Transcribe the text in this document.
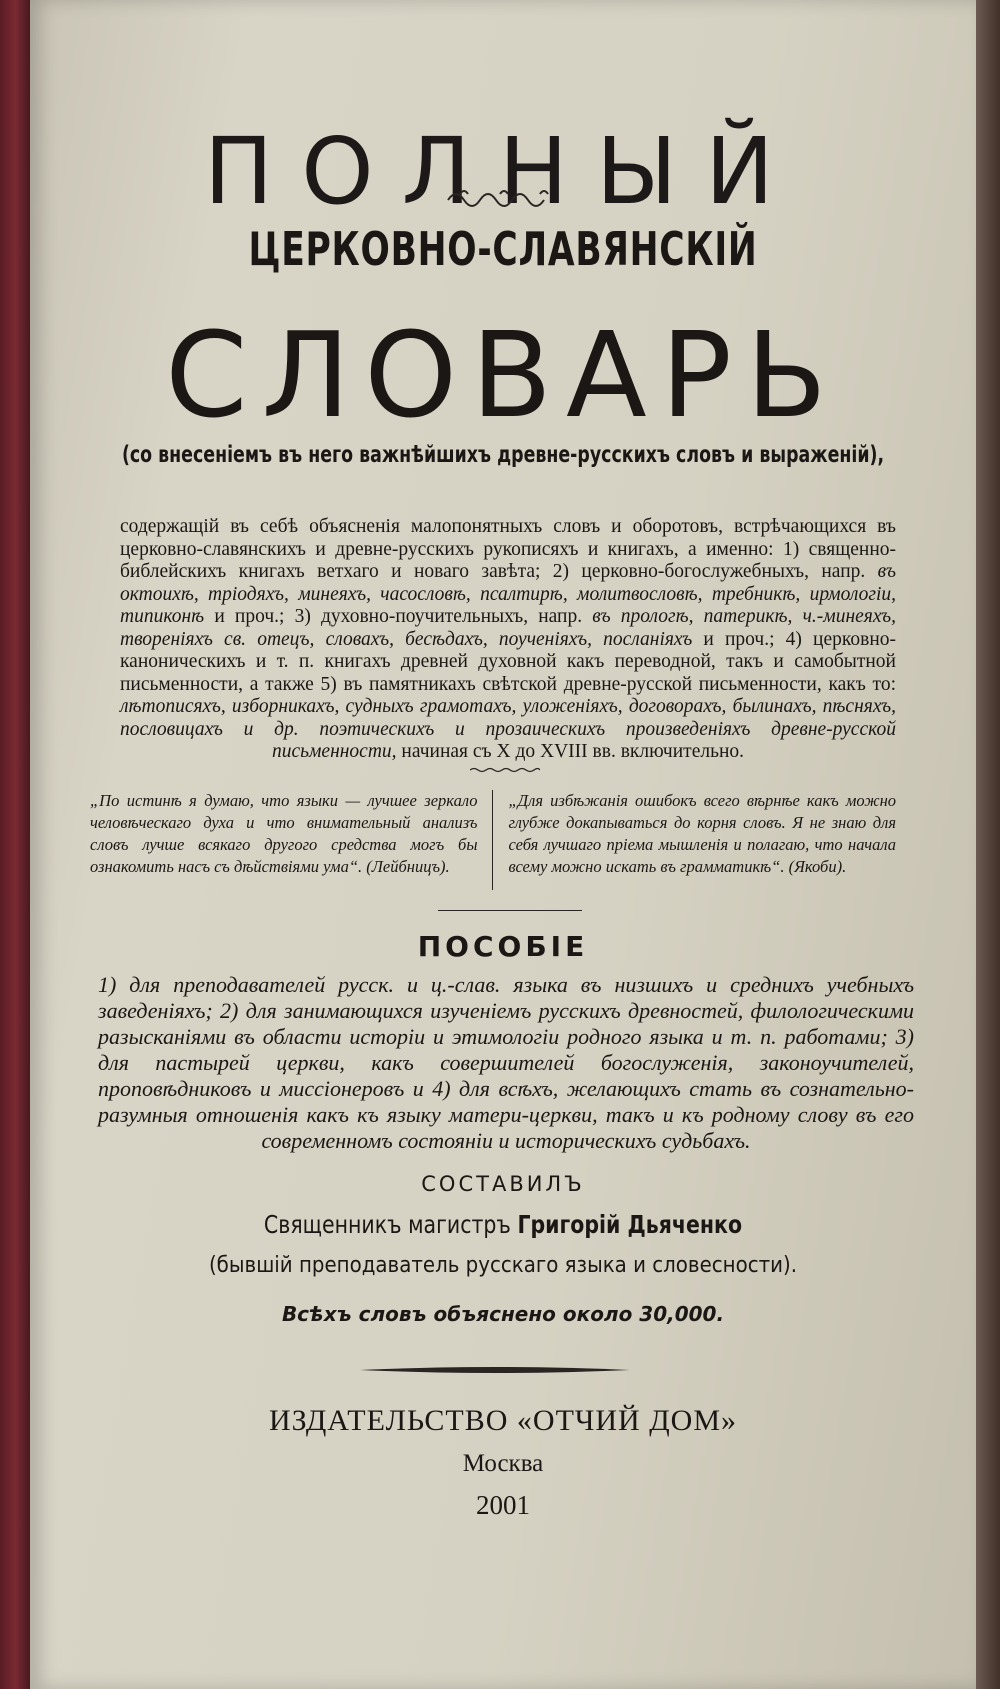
ПОЛНЫЙ
ЦЕРКОВНО-СЛАВЯНСКІЙ
СЛОВАРЬ
(со внесеніемъ въ него важнѣйшихъ древне-русскихъ словъ и выраженій),
содержащій въ себѣ объясненія малопонятныхъ словъ и оборотовъ, встрѣчающихся въ церковно-славянскихъ и древне-русскихъ рукописяхъ и книгахъ, а именно: 1) священно-библейскихъ книгахъ ветхаго и новаго завѣта; 2) церковно-богослужебныхъ, напр. въ октоихѣ, тріодяхъ, минеяхъ, часословѣ, псалтирѣ, молитвословѣ, требникѣ, ирмологіи, типиконѣ и проч.; 3) духовно-поучительныхъ, напр. въ прологѣ, патерикѣ, ч.-минеяхъ, твореніяхъ св. отецъ, словахъ, бесѣдахъ, поученіяхъ, посланіяхъ и проч.; 4) церковно-каноническихъ и т. п. книгахъ древней духовной какъ переводной, такъ и самобытной письменности, а также 5) въ памятникахъ свѣтской древне-русской письменности, какъ то: лѣтописяхъ, изборникахъ, судныхъ грамотахъ, уложеніяхъ, договорахъ, былинахъ, пѣсняхъ, пословицахъ и др. поэтическихъ и прозаическихъ произведеніяхъ древне-русской письменности, начиная съ X до XVIII вв. включительно.
„По истинѣ я думаю, что языки — лучшее зеркало человѣческаго духа и что внимательный анализъ словъ лучше всякаго другого средства могъ бы ознакомить насъ съ дѣйствіями ума“. (Лейбницъ).
„Для избѣжанія ошибокъ всего вѣрнѣе какъ можно глубже докапываться до корня словъ. Я не знаю для себя лучшаго пріема мышленія и полагаю, что начала всему можно искать въ грамматикѣ“. (Якоби).
ПОСОБІЕ
1) для преподавателей русск. и ц.-слав. языка въ низшихъ и среднихъ учебныхъ заведеніяхъ; 2) для занимающихся изученіемъ русскихъ древностей, филологическими разысканіями въ области исторіи и этимологіи родного языка и т. п. работами; 3) для пастырей церкви, какъ совершителей богослуженія, законоучителей, проповѣдниковъ и миссіонеровъ и 4) для всѣхъ, желающихъ стать въ сознательно-разумныя отношенія какъ къ языку матери-церкви, такъ и къ родному слову въ его современномъ состояніи и историческихъ судьбахъ.
СОСТАВИЛЪ
Священникъ магистръ Григорій Дьяченко
(бывшій преподаватель русскаго языка и словесности).
Всѣхъ словъ объяснено около 30,000.
ИЗДАТЕЛЬСТВО «ОТЧИЙ ДОМ»
Москва
2001
